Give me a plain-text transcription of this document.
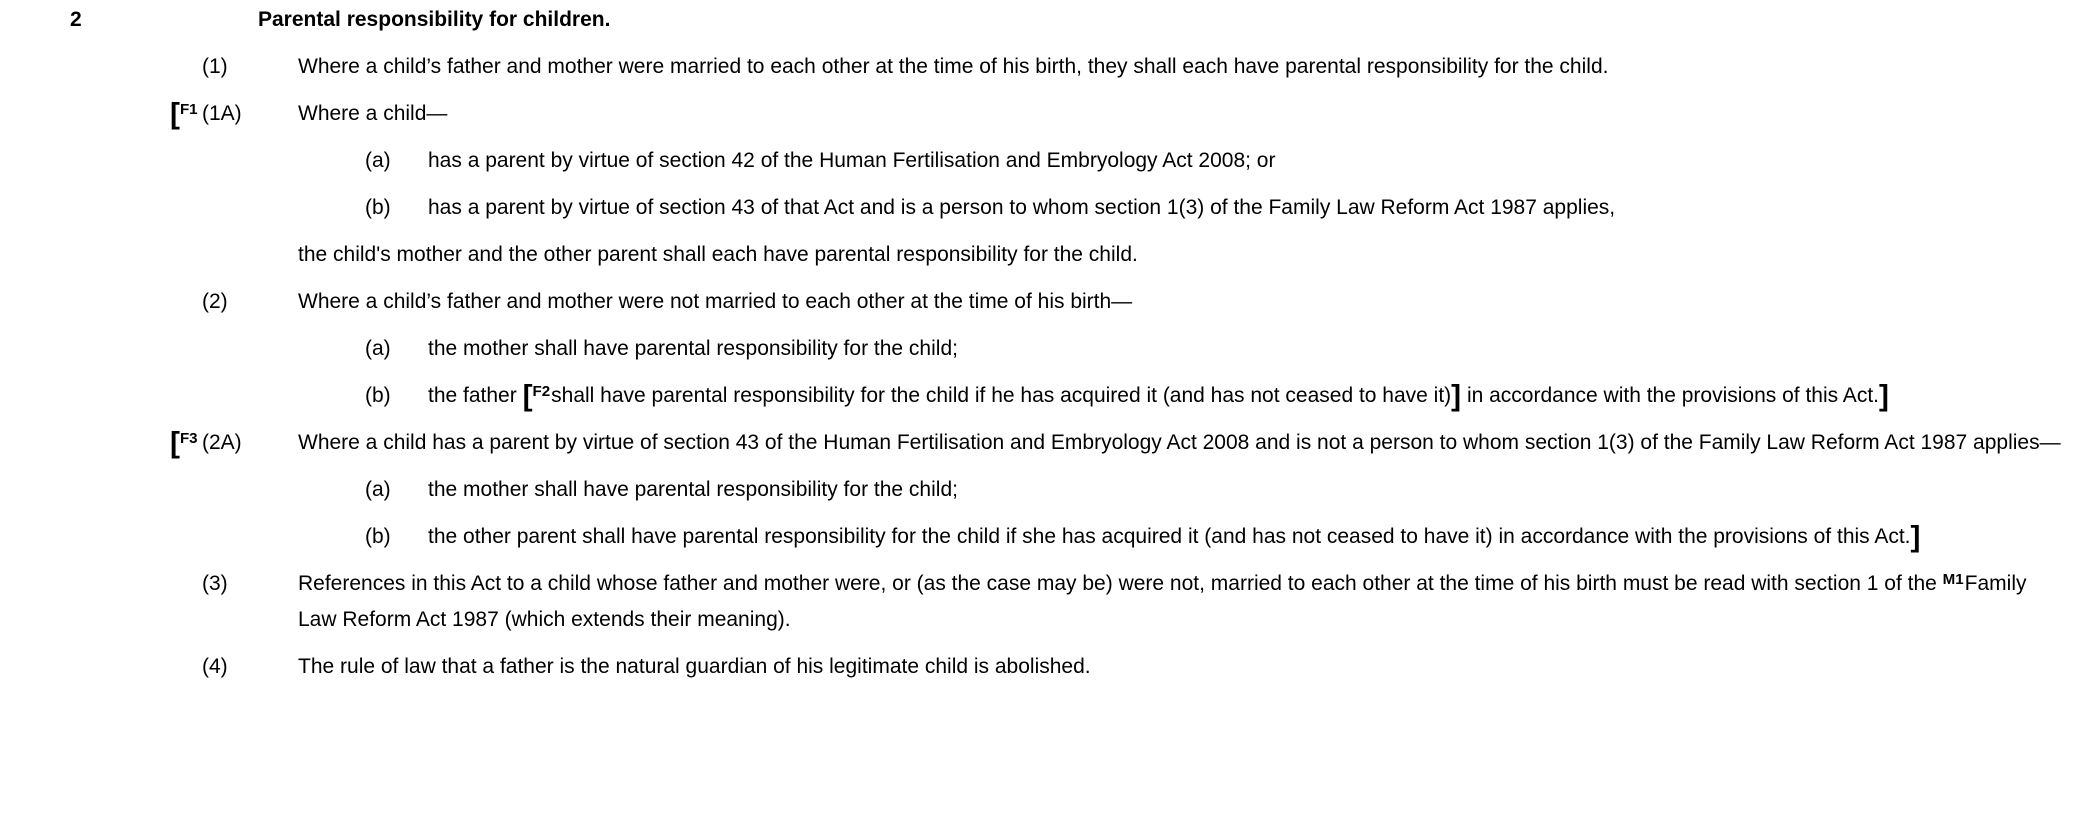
2	Parental responsibility for children.
(1)	Where a child’s father and mother were married to each other at the time of his birth, they shall each have parental responsibility for the child.
[$^{F1}$ (1A)	Where a child—
(a) has a parent by virtue of section 42 of the Human Fertilisation and Embryology Act 2008; or
(b) has a parent by virtue of section 43 of that Act and is a person to whom section 1(3) of the Family Law Reform Act 1987 applies,
the child's mother and the other parent shall each have parental responsibility for the child.
(2)	Where a child’s father and mother were not married to each other at the time of his birth—
(a) the mother shall have parental responsibility for the child;
(b) the father [$^{F2}$shall have parental responsibility for the child if he has acquired it (and has not ceased to have it)] in accordance with the provisions of this Act.]
[$^{F3}$ (2A)	Where a child has a parent by virtue of section 43 of the Human Fertilisation and Embryology Act 2008 and is not a person to whom section 1(3) of the Family Law Reform Act 1987 applies—
(a) the mother shall have parental responsibility for the child;
(b) the other parent shall have parental responsibility for the child if she has acquired it (and has not ceased to have it) in accordance with the provisions of this Act.]
(3)	References in this Act to a child whose father and mother were, or (as the case may be) were not, married to each other at the time of his birth must be read with section 1 of the $^{M1}$Family Law Reform Act 1987 (which extends their meaning).
(4)	The rule of law that a father is the natural guardian of his legitimate child is abolished.
